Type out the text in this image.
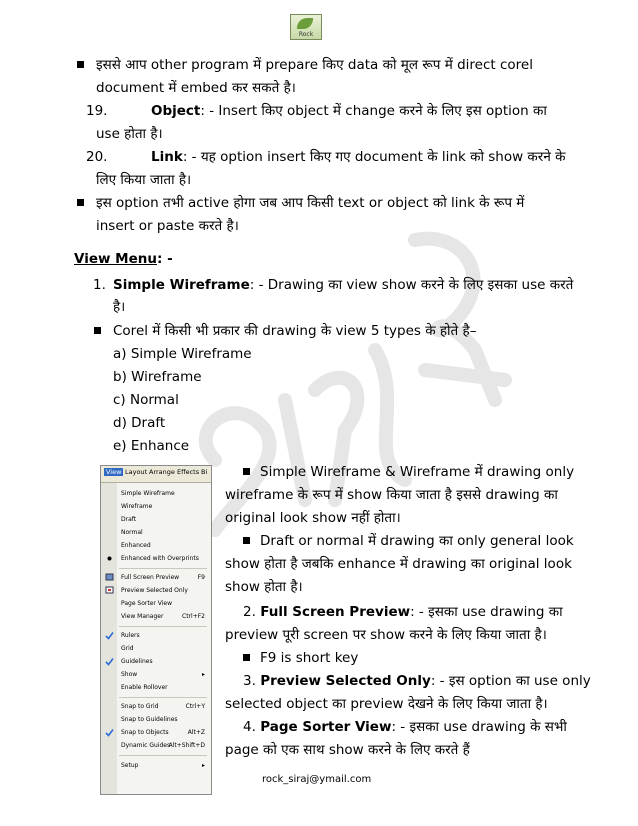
Rock
इससे आप other program में prepare किए data को मूल रूप में direct corel
document में embed कर सकते है।
19.	Object: - Insert किए object में change करने के लिए इस option का
use होता है।
20.	Link: - यह option insert किए गए document के link को show करने के
लिए किया जाता है।
इस option तभी active होगा जब आप किसी text or object को link के रूप में
insert or paste करते है।
View Menu: -
1. Simple Wireframe: - Drawing का view show करने के लिए इसका use करते
है।
Corel में किसी भी प्रकार की drawing के view 5 types के होते है–
a) Simple Wireframe
b) Wireframe
c) Normal
d) Draft
e) Enhance
Simple Wireframe & Wireframe में drawing only
wireframe के रूप में show किया जाता है इससे drawing का
original look show नहीं होता।
Draft or normal में drawing का only general look
show होता है जबकि enhance में drawing का original look
show होता है।
2. Full Screen Preview: - इसका use drawing का
preview पूरी screen पर show करने के लिए किया जाता है।
F9 is short key
3. Preview Selected Only: - इस option का use only
selected object का preview देखने के लिए किया जाता है।
4. Page Sorter View: - इसका use drawing के सभी
page को एक साथ show करने के लिए करते हैं
View Layout Arrange Effects Bi
Simple Wireframe
Wireframe
Draft
Normal
Enhanced
Enhanced with Overprints
Full Screen Preview	F9
Preview Selected Only
Page Sorter View
View Manager	Ctrl+F2
Rulers
Grid
Guidelines
Show	▸
Enable Rollover
Snap to Grid	Ctrl+Y
Snap to Guidelines
Snap to Objects	Alt+Z
Dynamic Guides
Alt+Shift+D
Setup	▸
rock_siraj@ymail.com
